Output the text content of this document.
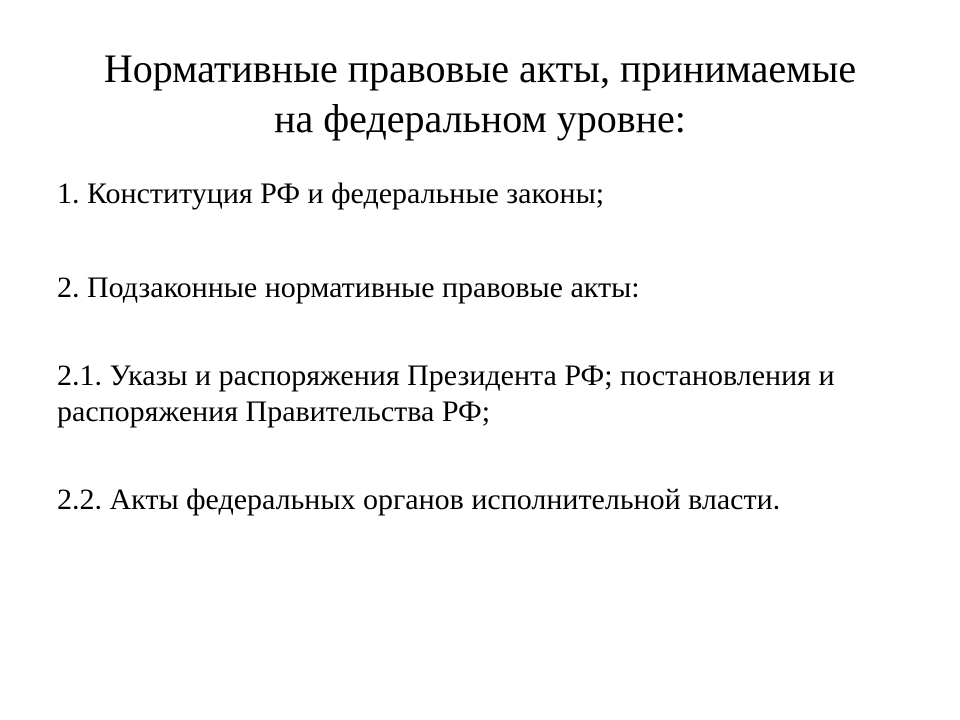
Нормативные правовые акты, принимаемые
на федеральном уровне:
1. Конституция РФ и федеральные законы;
2. Подзаконные нормативные правовые акты:
2.1. Указы и распоряжения Президента РФ; постановления и
распоряжения Правительства РФ;
2.2. Акты федеральных органов исполнительной власти.
